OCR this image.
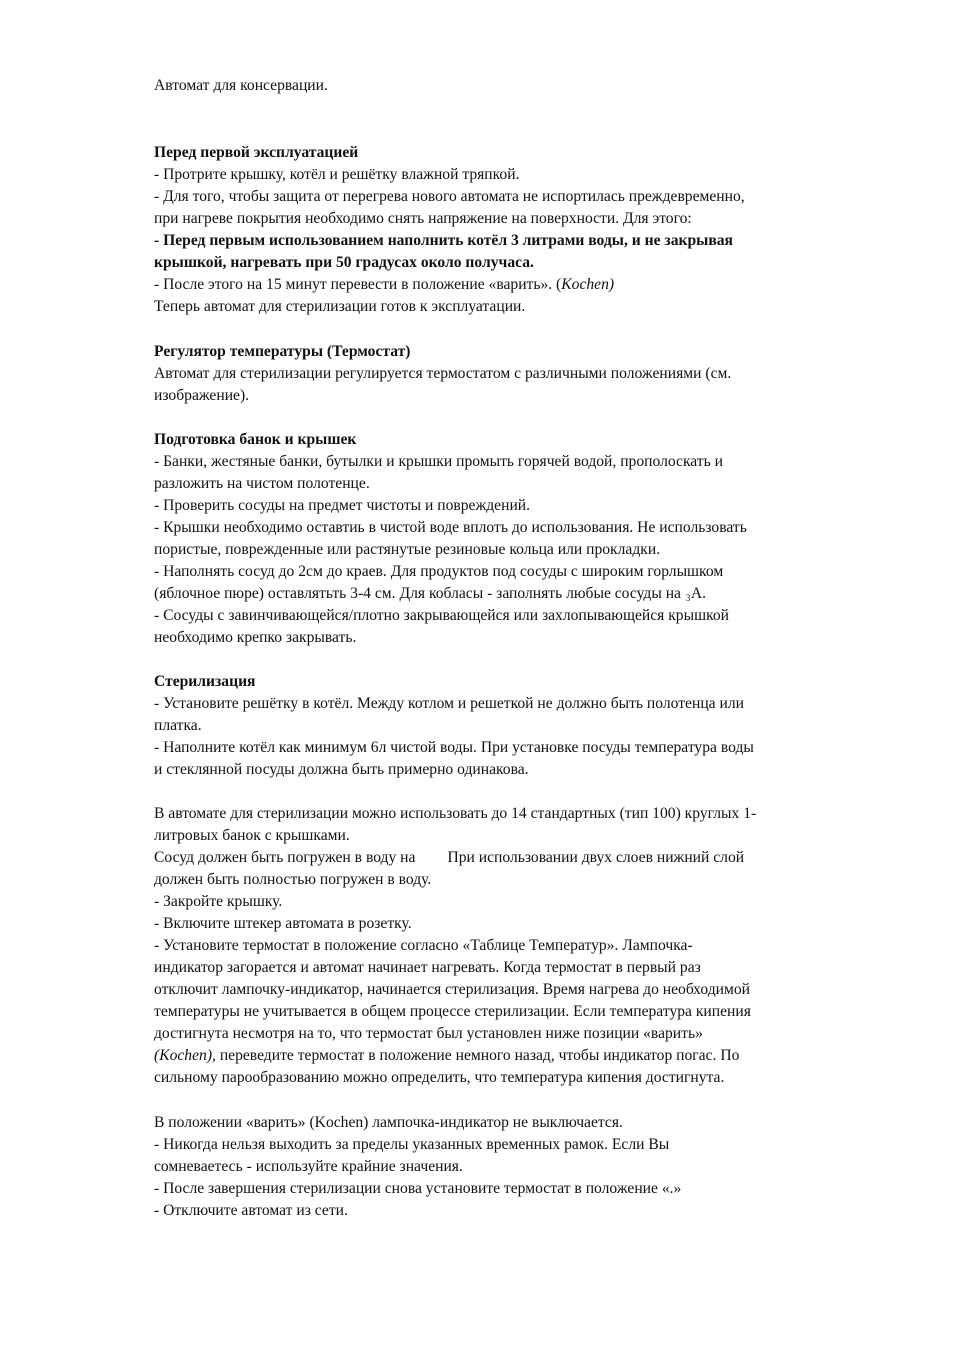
Автомат для консервации.
Перед первой эксплуатацией
- Протрите крышку, котёл и решётку влажной тряпкой.
- Для того, чтобы защита от перегрева нового автомата не испортилась преждевременно,
при нагреве покрытия необходимо снять напряжение на поверхности. Для этого:
- Перед первым использованием наполнить котёл 3 литрами воды, и не закрывая
крышкой, нагревать при 50 градусах около получаса.
- После этого на 15 минут перевести в положение «варить». (Kochen)
Теперь автомат для стерилизации готов к эксплуатации.
Регулятор температуры (Термостат)
Автомат для стерилизации регулируется термостатом с различными положениями (см.
изображение).
Подготовка банок и крышек
- Банки, жестяные банки, бутылки и крышки промыть горячей водой, прополоскать и
разложить на чистом полотенце.
- Проверить сосуды на предмет чистоты и повреждений.
- Крышки необходимо оставтиь в чистой воде вплоть до использования. Не использовать
пористые, поврежденные или растянутые резиновые кольца или прокладки.
- Наполнять сосуд до 2см до краев. Для продуктов под сосуды с широким горлышком
(яблочное пюре) оставлятьть 3-4 см. Для кобласы - заполнять любые сосуды на 3 A.
- Сосуды с завинчивающейся/плотно закрывающейся или захлопывающейся крышкой
необходимо крепко закрывать.
Стерилизация
- Установите решётку в котёл. Между котлом и решеткой не должно быть полотенца или
платка.
- Наполните котёл как минимум 6л чистой воды. При установке посуды температура воды
и стеклянной посуды должна быть примерно одинакова.
В автомате для стерилизации можно использовать до 14 стандартных (тип 100) круглых 1-
литровых банок с крышками.
Сосуд должен быть погружен в воду на При использовании двух слоев нижний слой
должен быть полностью погружен в воду.
- Закройте крышку.
- Включите штекер автомата в розетку.
- Установите термостат в положение согласно «Таблице Температур». Лампочка-
индикатор загорается и автомат начинает нагревать. Когда термостат в первый раз
отключит лампочку-индикатор, начинается стерилизация. Время нагрева до необходимой
температуры не учитывается в общем процессе стерилизации. Если температура кипения
достигнута несмотря на то, что термостат был установлен ниже позиции «варить»
(Kochen), переведите термостат в положение немного назад, чтобы индикатор погас. По
сильному парообразованию можно определить, что температура кипения достигнута.
В положении «варить» (Kochen) лампочка-индикатор не выключается.
- Никогда нельзя выходить за пределы указанных временных рамок. Если Вы
сомневаетесь - используйте крайние значения.
- После завершения стерилизации снова установите термостат в положение «.»
- Отключите автомат из сети.
